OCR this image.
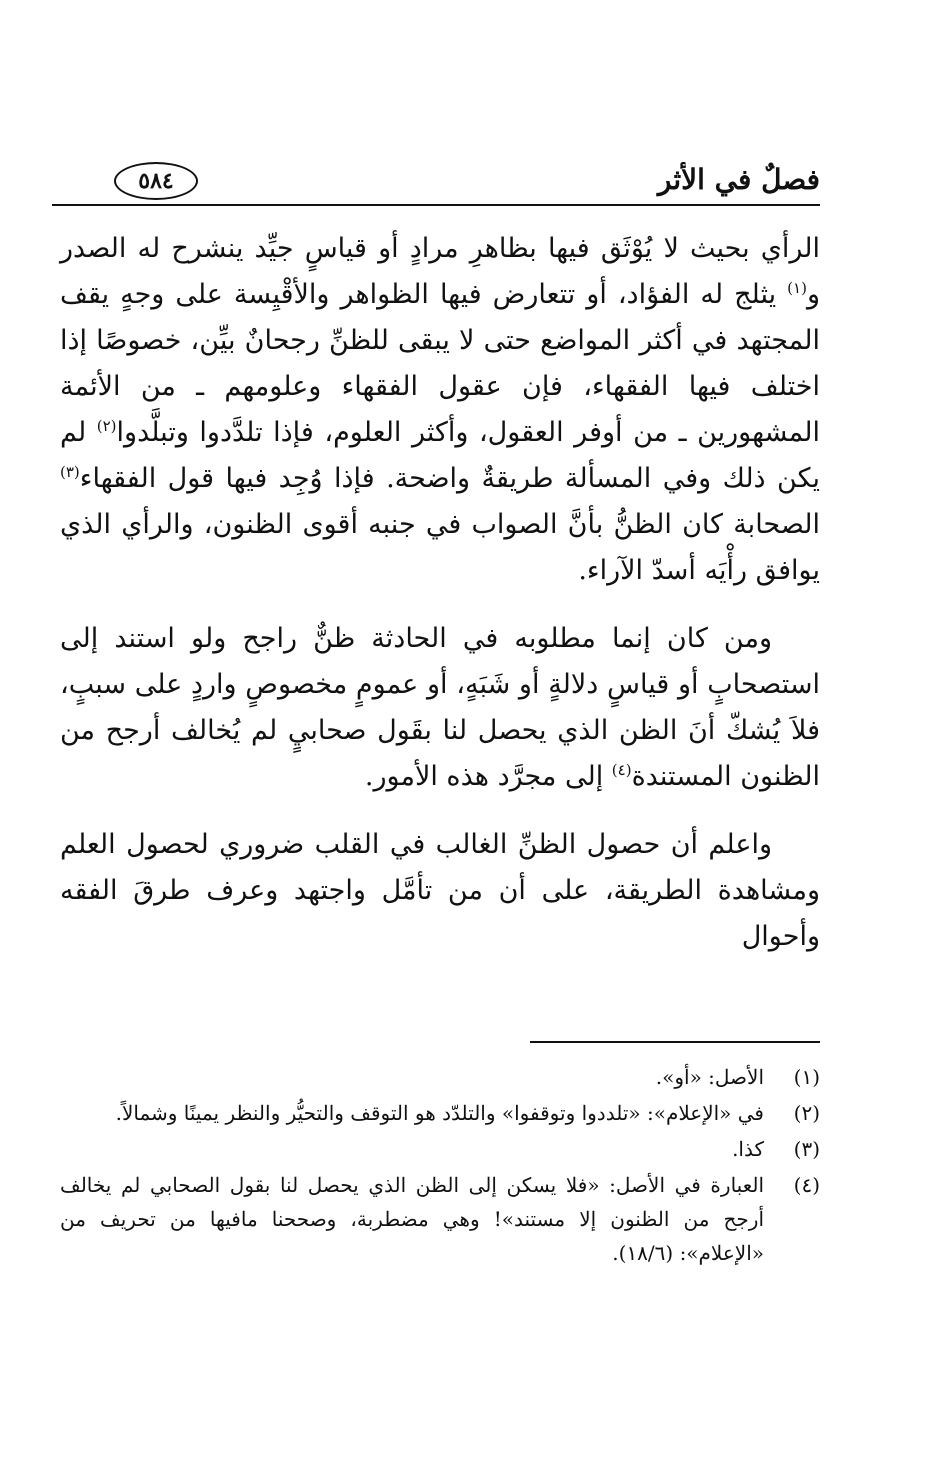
فصلٌ في الأثر
٥٨٤

الرأي بحيث لا يُوْثَق فيها بظاهرِ مرادٍ أو قياسٍ جيِّد ينشرح له الصدر و$^{(١)}$ يثلج له الفؤاد، أو تتعارض فيها الظواهر والأقْيِسة على وجهٍ يقف المجتهد في أكثر المواضع حتى لا يبقى للظنِّ رجحانٌ بيِّن، خصوصًا إذا اختلف فيها الفقهاء، فإن عقول الفقهاء وعلومهم ـ من الأئمة المشهورين ـ من أوفر العقول، وأكثر العلوم، فإذا تلدَّدوا وتبلَّدوا$^{(٢)}$ لم يكن ذلك وفي المسألة طريقةٌ واضحة. فإذا وُجِد فيها قول الفقهاء$^{(٣)}$ الصحابة كان الظنُّ بأنَّ الصواب في جنبه أقوى الظنون، والرأي الذي يوافق رأْيَه أسدّ الآراء.

ومن كان إنما مطلوبه في الحادثة ظنٌّ راجح ولو استند إلى استصحابٍ أو قياسٍ دلالةٍ أو شَبَهٍ، أو عمومٍ مخصوصٍ واردٍ على سببٍ، فلاَ يُشكّ أنَ الظن الذي يحصل لنا بقَول صحابيٍ لم يُخالف أرجح من الظنون المستندة$^{(٤)}$ إلى مجرَّد هذه الأمور.

واعلم أن حصول الظنِّ الغالب في القلب ضروري لحصول العلم ومشاهدة الطريقة، على أن من تأمَّل واجتهد وعرف طرقَ الفقه وأحوال

(١)
الأصل: «أو».
(٢)
في «الإعلام»: «تلددوا وتوقفوا» والتلدّد هو التوقف والتحيُّر والنظر يمينًا وشمالاً.
(٣)
كذا.
(٤)
العبارة في الأصل: «فلا يسكن إلى الظن الذي يحصل لنا بقول الصحابي لم يخالف أرجح من الظنون إلا مستند»! وهي مضطربة، وصححنا مافيها من تحريف من «الإعلام»: (١٨/٦).
